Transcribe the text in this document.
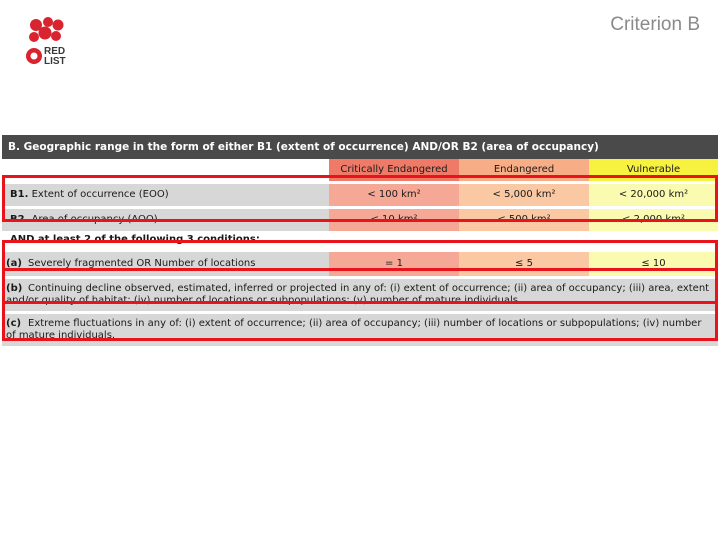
RED
LIST
Criterion B
B. Geographic range in the form of either B1 (extent of occurrence) AND/OR B2 (area of occupancy)			
	Critically Endangered	Endangered	Vulnerable

B1. Extent of occurrence (EOO)	< 100 km²	< 5,000 km²	< 20,000 km²

B2. Area of occupancy (AOO)	< 10 km²	< 500 km²	< 2,000 km²
AND at least 2 of the following 3 conditions:			

(a) Severely fragmented OR Number of locations	= 1	≤ 5	≤ 10

(b) Continuing decline observed, estimated, inferred or projected in any of: (i) extent of occurrence; (ii) area of occupancy; (iii) area, extent and/or quality of habitat; (iv) number of locations or subpopulations; (v) number of mature individuals.			

(c) Extreme fluctuations in any of: (i) extent of occurrence; (ii) area of occupancy; (iii) number of locations or subpopulations; (iv) number of mature individuals.			
